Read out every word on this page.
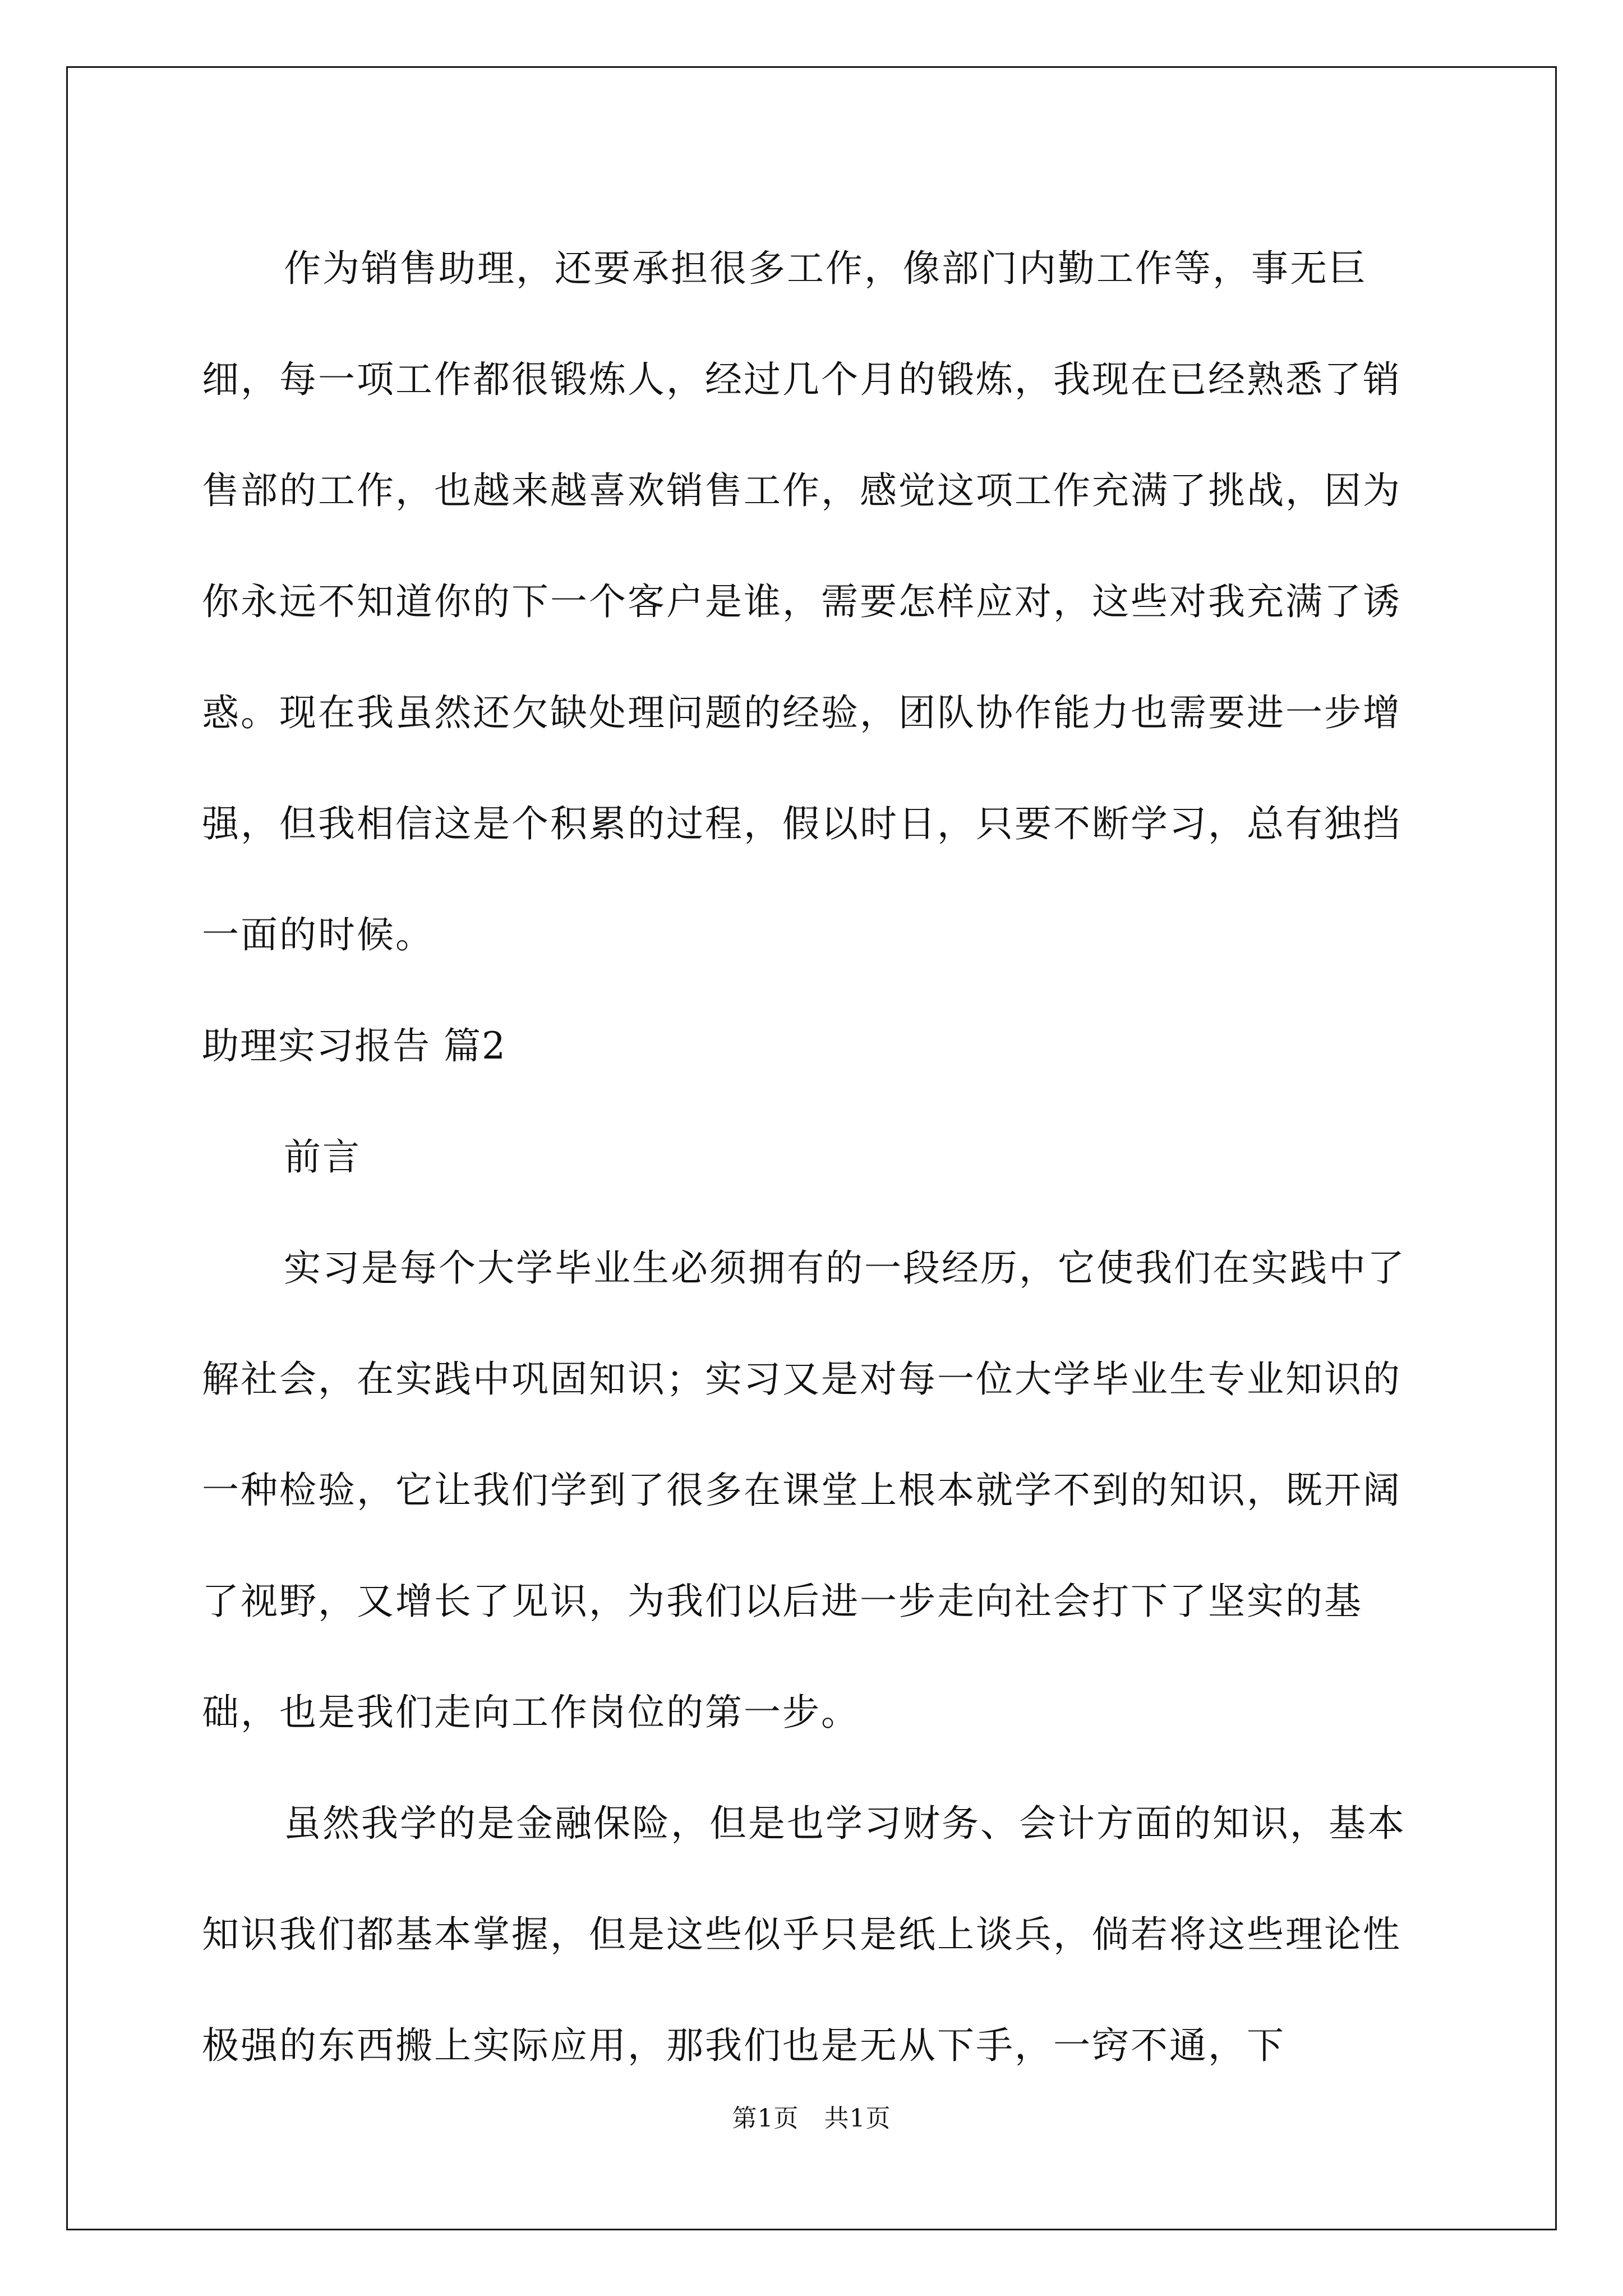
作为销售助理，还要承担很多工作，像部门内勤工作等，事无巨细，每一项工作都很锻炼人，经过几个月的锻炼，我现在已经熟悉了销售部的工作，也越来越喜欢销售工作，感觉这项工作充满了挑战，因为你永远不知道你的下一个客户是谁，需要怎样应对，这些对我充满了诱惑。现在我虽然还欠缺处理问题的经验，团队协作能力也需要进一步增强，但我相信这是个积累的过程，假以时日，只要不断学习，总有独挡一面的时候。

助理实习报告 篇2

前言

实习是每个大学毕业生必须拥有的一段经历，它使我们在实践中了解社会，在实践中巩固知识；实习又是对每一位大学毕业生专业知识的一种检验，它让我们学到了很多在课堂上根本就学不到的知识，既开阔了视野，又增长了见识，为我们以后进一步走向社会打下了坚实的基础，也是我们走向工作岗位的第一步。

虽然我学的是金融保险，但是也学习财务、会计方面的知识，基本知识我们都基本掌握，但是这些似乎只是纸上谈兵，倘若将这些理论性极强的东西搬上实际应用，那我们也是无从下手，一窍不通，下

第1页　共1页
